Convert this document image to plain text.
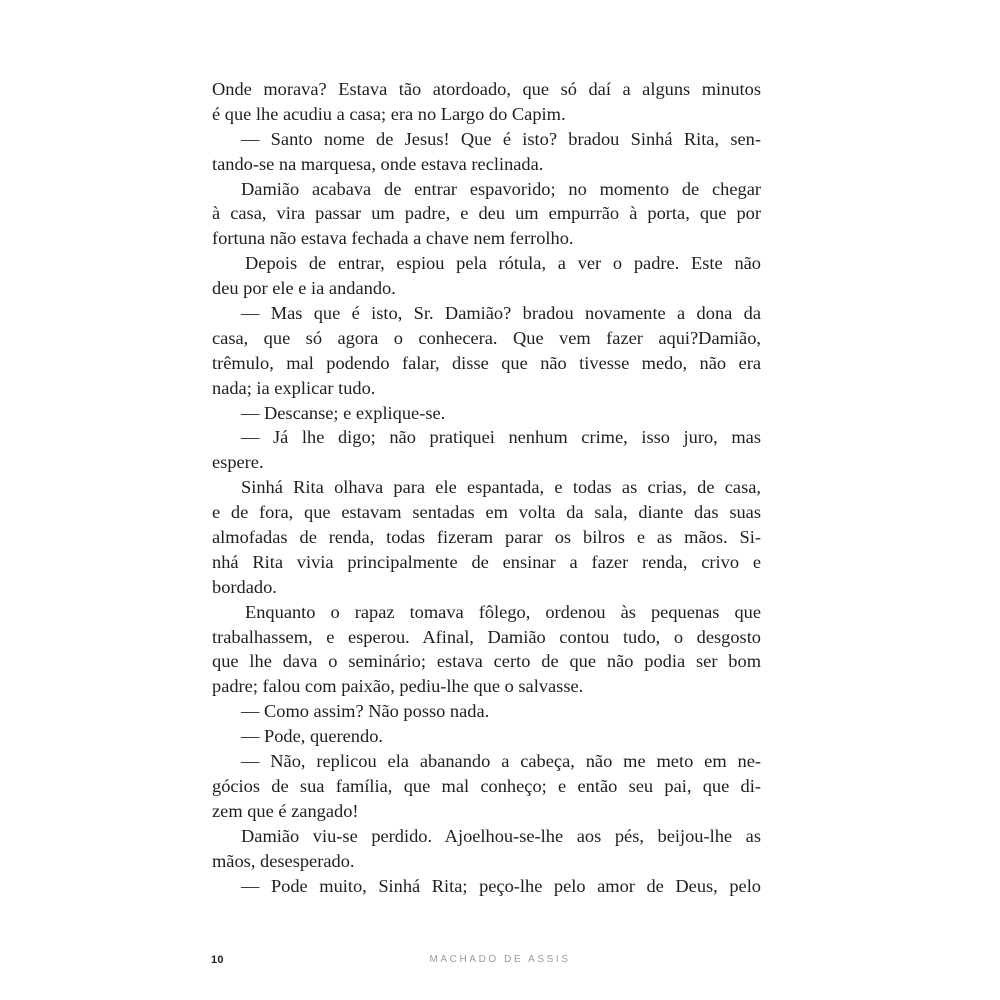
Onde morava? Estava tão atordoado, que só daí a alguns minutos
é que lhe acudiu a casa; era no Largo do Capim.
— Santo nome de Jesus! Que é isto? bradou Sinhá Rita, sen-
tando-se na marquesa, onde estava reclinada.
Damião acabava de entrar espavorido; no momento de chegar
à casa, vira passar um padre, e deu um empurrão à porta, que por
fortuna não estava fechada a chave nem ferrolho.
Depois de entrar, espiou pela rótula, a ver o padre. Este não
deu por ele e ia andando.
— Mas que é isto, Sr. Damião? bradou novamente a dona da
casa, que só agora o conhecera. Que vem fazer aqui?Damião,
trêmulo, mal podendo falar, disse que não tivesse medo, não era
nada; ia explicar tudo.
— Descanse; e explique-se.
— Já lhe digo; não pratiquei nenhum crime, isso juro, mas
espere.
Sinhá Rita olhava para ele espantada, e todas as crias, de casa,
e de fora, que estavam sentadas em volta da sala, diante das suas
almofadas de renda, todas fizeram parar os bilros e as mãos. Si-
nhá Rita vivia principalmente de ensinar a fazer renda, crivo e
bordado.
Enquanto o rapaz tomava fôlego, ordenou às pequenas que
trabalhassem, e esperou. Afinal, Damião contou tudo, o desgosto
que lhe dava o seminário; estava certo de que não podia ser bom
padre; falou com paixão, pediu-lhe que o salvasse.
— Como assim? Não posso nada.
— Pode, querendo.
— Não, replicou ela abanando a cabeça, não me meto em ne-
gócios de sua família, que mal conheço; e então seu pai, que di-
zem que é zangado!
Damião viu-se perdido. Ajoelhou-se-lhe aos pés, beijou-lhe as
mãos, desesperado.
— Pode muito, Sinhá Rita; peço-lhe pelo amor de Deus, pelo
10	MACHADO DE ASSIS
